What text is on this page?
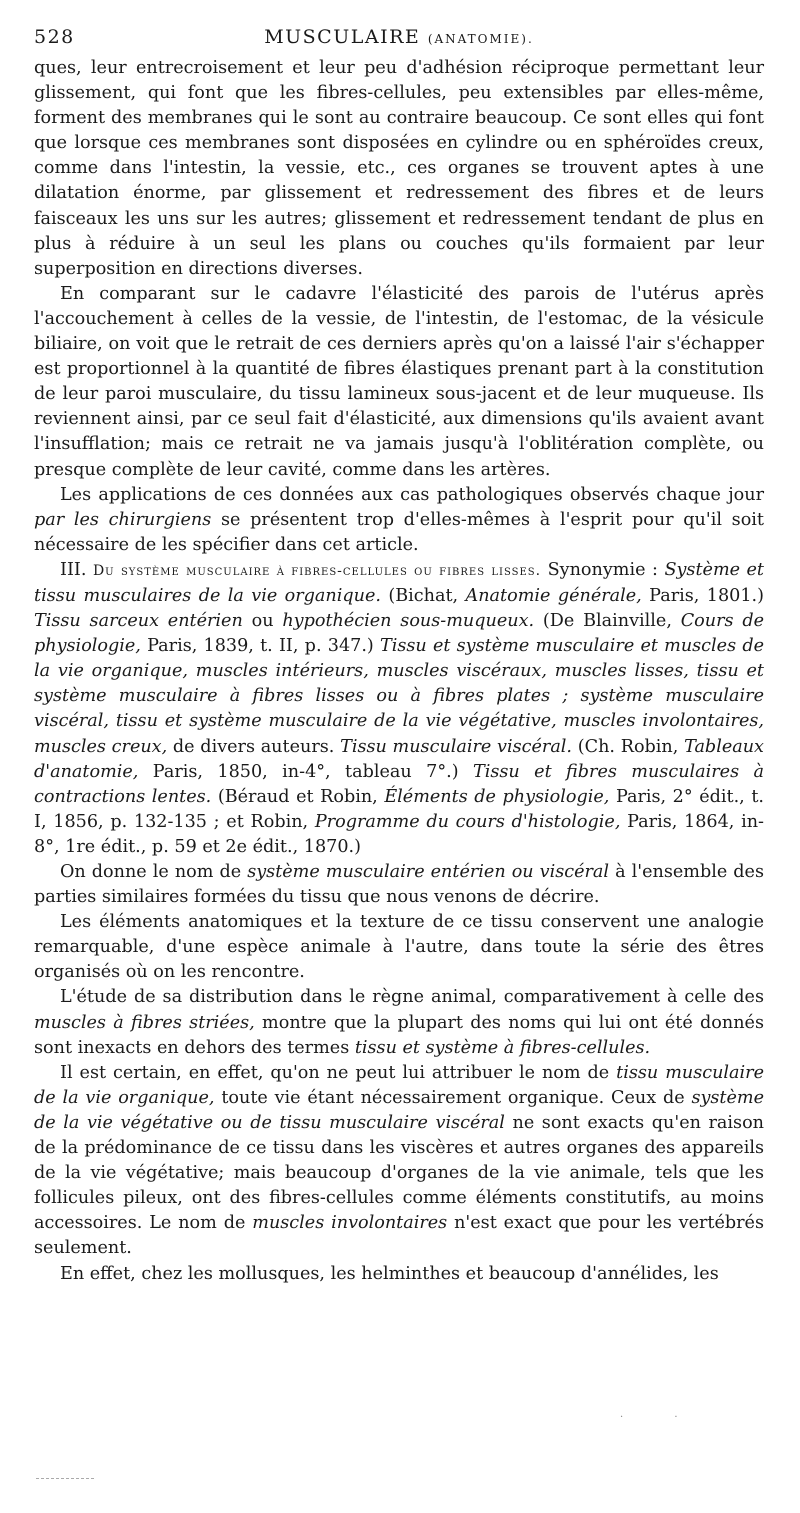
528	MUSCULAIRE (ANATOMIE).

ques, leur entrecroisement et leur peu d'adhésion réciproque permettant leur glissement, qui font que les fibres-cellules, peu extensibles par elles-même, forment des membranes qui le sont au contraire beaucoup. Ce sont elles qui font que lorsque ces membranes sont disposées en cylindre ou en sphéroïdes creux, comme dans l'intestin, la vessie, etc., ces organes se trouvent aptes à une dilatation énorme, par glissement et redressement des fibres et de leurs faisceaux les uns sur les autres; glissement et redressement tendant de plus en plus à réduire à un seul les plans ou couches qu'ils formaient par leur superposition en directions diverses.

En comparant sur le cadavre l'élasticité des parois de l'utérus après l'accouchement à celles de la vessie, de l'intestin, de l'estomac, de la vésicule biliaire, on voit que le retrait de ces derniers après qu'on a laissé l'air s'échapper est proportionnel à la quantité de fibres élastiques prenant part à la constitution de leur paroi musculaire, du tissu lamineux sous-jacent et de leur muqueuse. Ils reviennent ainsi, par ce seul fait d'élasticité, aux dimensions qu'ils avaient avant l'insufflation; mais ce retrait ne va jamais jusqu'à l'oblitération complète, ou presque complète de leur cavité, comme dans les artères.

Les applications de ces données aux cas pathologiques observés chaque jour par les chirurgiens se présentent trop d'elles-mêmes à l'esprit pour qu'il soit nécessaire de les spécifier dans cet article.

III. Du système musculaire à fibres-cellules ou fibres lisses. Synonymie : Système et tissu musculaires de la vie organique. (Bichat, Anatomie générale, Paris, 1801.) Tissu sarceux entérien ou hypothécien sous-muqueux. (De Blainville, Cours de physiologie, Paris, 1839, t. II, p. 347.) Tissu et système musculaire et muscles de la vie organique, muscles intérieurs, muscles viscéraux, muscles lisses, tissu et système musculaire à fibres lisses ou à fibres plates ; système musculaire viscéral, tissu et système musculaire de la vie végétative, muscles involontaires, muscles creux, de divers auteurs. Tissu musculaire viscéral. (Ch. Robin, Tableaux d'anatomie, Paris, 1850, in-4°, tableau 7°.) Tissu et fibres musculaires à contractions lentes. (Béraud et Robin, Éléments de physiologie, Paris, 2° édit., t. I, 1856, p. 132-135 ; et Robin, Programme du cours d'histologie, Paris, 1864, in-8°, 1re édit., p. 59 et 2e édit., 1870.)

On donne le nom de système musculaire entérien ou viscéral à l'ensemble des parties similaires formées du tissu que nous venons de décrire.

Les éléments anatomiques et la texture de ce tissu conservent une analogie remarquable, d'une espèce animale à l'autre, dans toute la série des êtres organisés où on les rencontre.

L'étude de sa distribution dans le règne animal, comparativement à celle des muscles à fibres striées, montre que la plupart des noms qui lui ont été donnés sont inexacts en dehors des termes tissu et système à fibres-cellules.

Il est certain, en effet, qu'on ne peut lui attribuer le nom de tissu musculaire de la vie organique, toute vie étant nécessairement organique. Ceux de système de la vie végétative ou de tissu musculaire viscéral ne sont exacts qu'en raison de la prédominance de ce tissu dans les viscères et autres organes des appareils de la vie végétative; mais beaucoup d'organes de la vie animale, tels que les follicules pileux, ont des fibres-cellules comme éléments constitutifs, au moins accessoires. Le nom de muscles involontaires n'est exact que pour les vertébrés seulement.

En effet, chez les mollusques, les helminthes et beaucoup d'annélides, les

· ·
